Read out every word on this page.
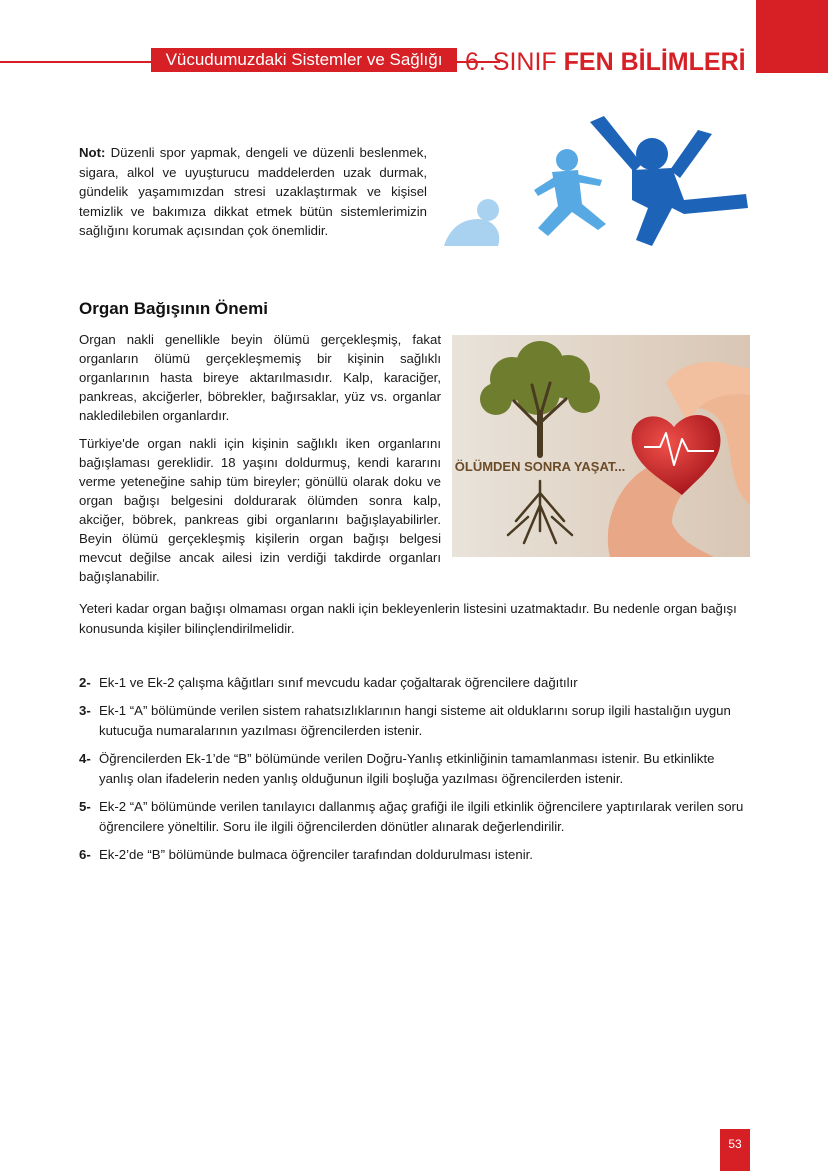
Vücudumuzdaki Sistemler ve Sağlığı 6. SINIF FEN BİLİMLERİ
Not: Düzenli spor yapmak, dengeli ve düzenli beslenmek, sigara, alkol ve uyuşturucu maddelerden uzak durmak, gündelik yaşamımızdan stresi uzaklaştırmak ve kişisel temizlik ve bakımıza dikkat etmek bütün sistemlerimizin sağlığını korumak açısından çok önemlidir.
Organ Bağışının Önemi

Organ nakli genellikle beyin ölümü gerçekleşmiş, fakat organların ölümü gerçekleşmemiş bir kişinin sağlıklı organlarının hasta bireye aktarılmasıdır. Kalp, karaciğer, pankreas, akciğerler, böbrekler, bağırsaklar, yüz vs. organlar nakledilebilen organlardır.

Türkiye'de organ nakli için kişinin sağlıklı iken organlarını bağışlaması gereklidir. 18 yaşını doldurmuş, kendi kararını verme yeteneğine sahip tüm bireyler; gönüllü olarak doku ve organ bağışı belgesini doldurarak ölümden sonra kalp, akciğer, böbrek, pankreas gibi organlarını bağışlayabilirler. Beyin ölümü gerçekleşmiş kişilerin organ bağışı belgesi mevcut değilse ancak ailesi izin verdiği takdirde organları bağışlanabilir.

ÖLÜMDEN SONRA YAŞAT...

Yeteri kadar organ bağışı olmaması organ nakli için bekleyenlerin listesini uzatmaktadır. Bu nedenle organ bağışı konusunda kişiler bilinçlendirilmelidir.

2- Ek-1 ve Ek-2 çalışma kâğıtları sınıf mevcudu kadar çoğaltarak öğrencilere dağıtılır
3- Ek-1 “A” bölümünde verilen sistem rahatsızlıklarının hangi sisteme ait olduklarını sorup ilgili hastalığın uygun kutucuğa numaralarının yazılması öğrencilerden istenir.
4- Öğrencilerden Ek-1’de “B” bölümünde verilen Doğru-Yanlış etkinliğinin tamamlanması istenir. Bu etkinlikte yanlış olan ifadelerin neden yanlış olduğunun ilgili boşluğa yazılması öğrencilerden istenir.
5- Ek-2 “A” bölümünde verilen tanılayıcı dallanmış ağaç grafiği ile ilgili etkinlik öğrencilere yaptırılarak verilen soru öğrencilere yöneltilir. Soru ile ilgili öğrencilerden dönütler alınarak değerlendirilir.
6- Ek-2’de “B” bölümünde bulmaca öğrenciler tarafından doldurulması istenir.
53
